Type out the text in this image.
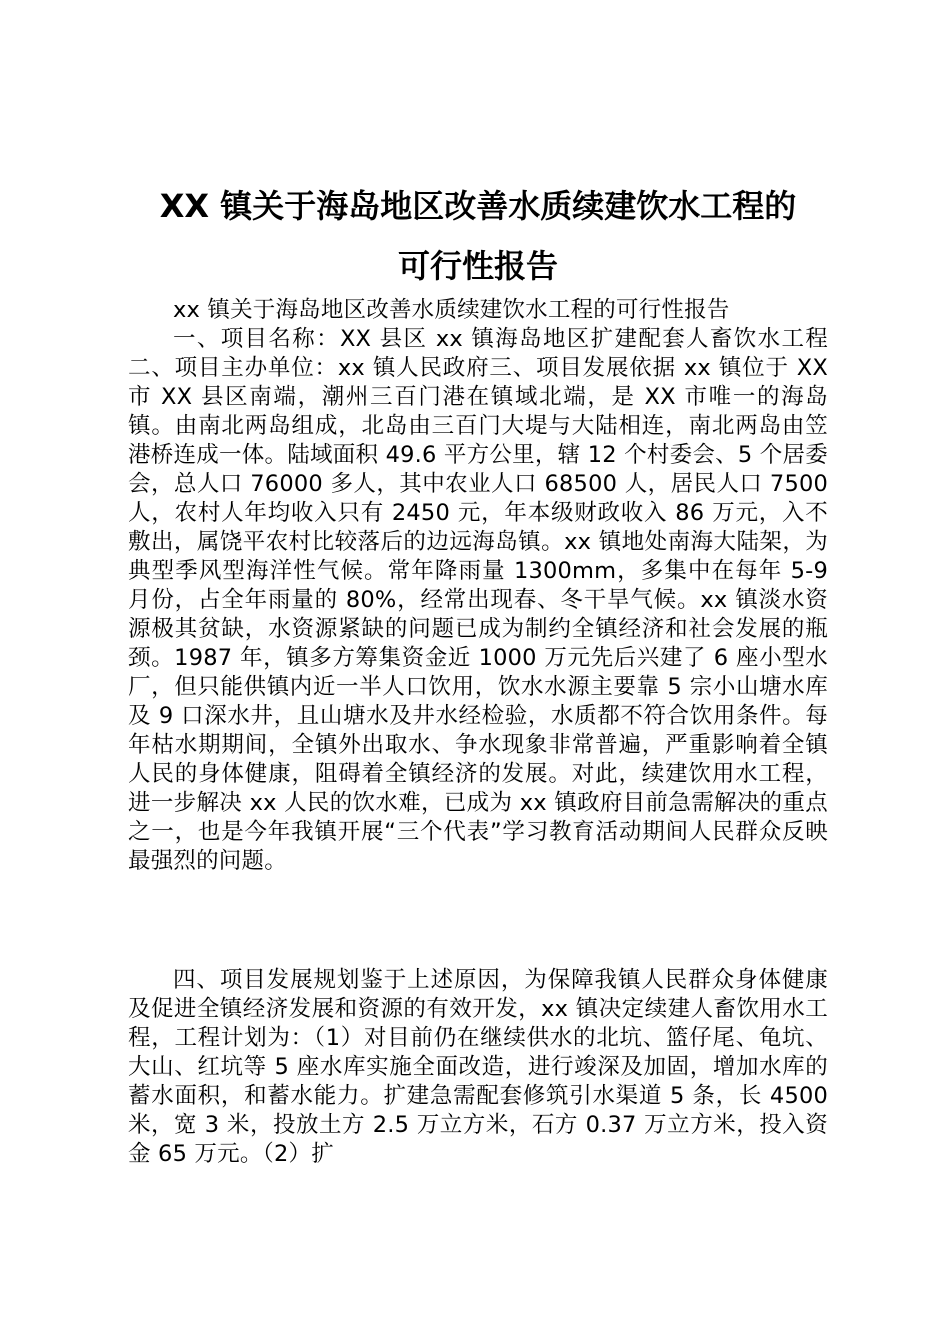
XX 镇关于海岛地区改善水质续建饮水工程的
可行性报告

xx 镇关于海岛地区改善水质续建饮水工程的可行性报告

一、项目名称：XX 县区 xx 镇海岛地区扩建配套人畜饮水工程二、项目主办单位：xx 镇人民政府三、项目发展依据 xx 镇位于 XX 市 XX 县区南端，潮州三百门港在镇域北端，是 XX 市唯一的海岛镇。由南北两岛组成，北岛由三百门大堤与大陆相连，南北两岛由笠港桥连成一体。陆域面积 49.6 平方公里，辖 12 个村委会、5 个居委会，总人口 76000 多人，其中农业人口 68500 人，居民人口 7500 人，农村人年均收入只有 2450 元，年本级财政收入 86 万元，入不敷出，属饶平农村比较落后的边远海岛镇。xx 镇地处南海大陆架，为典型季风型海洋性气候。常年降雨量 1300mm，多集中在每年 5-9 月份，占全年雨量的 80%，经常出现春、冬干旱气候。xx 镇淡水资源极其贫缺，水资源紧缺的问题已成为制约全镇经济和社会发展的瓶颈。1987 年，镇多方筹集资金近 1000 万元先后兴建了 6 座小型水厂，但只能供镇内近一半人口饮用，饮水水源主要靠 5 宗小山塘水库及 9 口深水井，且山塘水及井水经检验，水质都不符合饮用条件。每年枯水期期间，全镇外出取水、争水现象非常普遍，严重影响着全镇人民的身体健康，阻碍着全镇经济的发展。对此，续建饮用水工程，进一步解决 xx 人民的饮水难，已成为 xx 镇政府目前急需解决的重点之一，也是今年我镇开展“三个代表”学习教育活动期间人民群众反映最强烈的问题。

四、项目发展规划鉴于上述原因，为保障我镇人民群众身体健康及促进全镇经济发展和资源的有效开发，xx 镇决定续建人畜饮用水工程，工程计划为：（1）对目前仍在继续供水的北坑、篮仔尾、龟坑、大山、红坑等 5 座水库实施全面改造，进行竣深及加固，增加水库的蓄水面积，和蓄水能力。扩建急需配套修筑引水渠道 5 条，长 4500 米，宽 3 米，投放土方 2.5 万立方米，石方 0.37 万立方米，投入资金 65 万元。（2）扩
